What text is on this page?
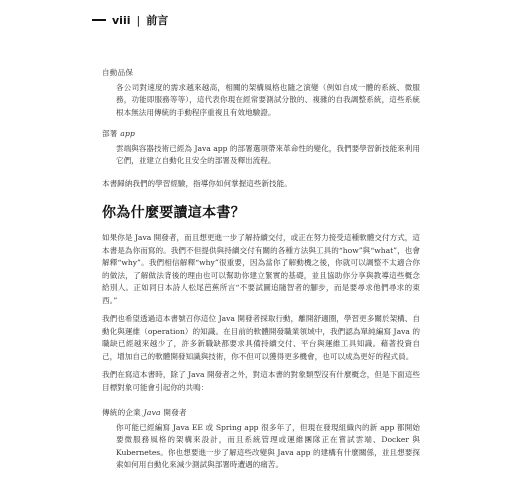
viii | 前言
自動品保

各公司對速度的需求越來越高，相關的架構風格也隨之演變（例如自成一體的系統、微服務，功能即服務等等），這代表你現在經常要測試分散的、複雜的自我調整系統，這些系統根本無法用傳統的手動程序重複且有效地驗證。

部署 app

雲端與容器技術已經為 Java app 的部署選項帶來革命性的變化，我們要學習新技能來利用它們，並建立自動化且安全的部署及釋出流程。

本書歸納我們的學習經驗，指導你如何掌握這些新技能。

你為什麼要讀這本書？

如果你是 Java 開發者，而且想更進一步了解持續交付，或正在努力接受這種軟體交付方式，這本書是為你而寫的。我們不但提供與持續交付有關的各種方法與工具的“how”與“what”，也會解釋“why”。我們相信解釋“why”很重要，因為當你了解動機之後，你就可以調整不太適合你的做法，了解做法背後的理由也可以幫助你建立緊實的基礎，並且協助你分享與教導這些概念給別人。正如同日本詩人松尾芭蕉所言“不要試圖追隨智者的腳步，而是要尋求他們尋求的東西。”

我們也希望透過這本書號召你這位 Java 開發者採取行動，離開舒適圈，學習更多關於架構、自動化與運維（operation）的知識。在目前的軟體開發職業領域中，我們認為單純編寫 Java 的職缺已經越來越少了，許多新職缺都要求具備持續交付、平台與運維工具知識。藉著投資自己，增加自己的軟體開發知識與技術，你不但可以獲得更多機會，也可以成為更好的程式員。

我們在寫這本書時，除了 Java 開發者之外，對這本書的對象類型沒有什麼概念，但是下面這些目標對象可能會引起你的共鳴：

傳統的企業 Java 開發者

你可能已經編寫 Java EE 或 Spring app 很多年了，但現在發現組織內的新 app 都開始要微服務風格的架構來設計，而且系統管理或運維團隊正在嘗試雲端、Docker 與 Kubernetes。你也想要進一步了解這些改變與 Java app 的建構有什麼關係，並且想要探索如何用自動化來減少測試與部署時遭遇的痛苦。
